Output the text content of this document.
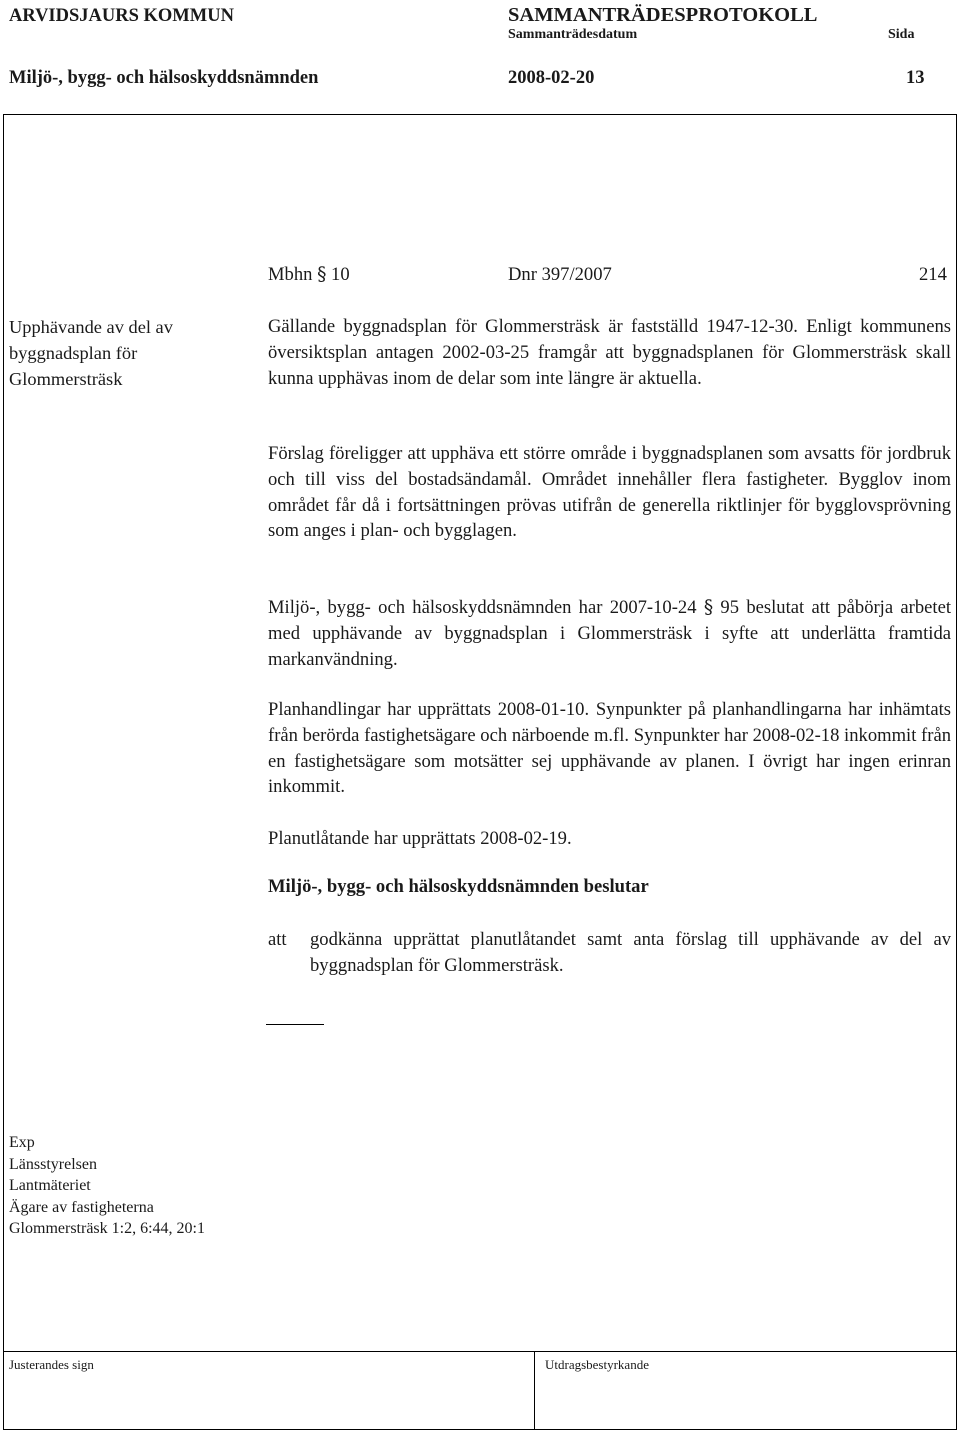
ARVIDSJAURS KOMMUN	SAMMANTRÄDESPROTOKOLL
Sammanträdesdatum	Sida
Miljö-, bygg- och hälsoskyddsnämnden	2008-02-20	13
Mbhn § 10	Dnr 397/2007	214
Upphävande av del av
byggnadsplan för
Glommersträsk

Gällande byggnadsplan för Glommersträsk är fastställd 1947-12-30. Enligt kommunens översiktsplan antagen 2002-03-25 framgår att byggnadsplanen för Glommersträsk skall kunna upphävas inom de delar som inte längre är aktuella.

Förslag föreligger att upphäva ett större område i byggnadsplanen som avsatts för jordbruk och till viss del bostadsändamål. Området innehåller flera fastigheter. Bygglov inom området får då i fortsättningen prövas utifrån de generella riktlinjer för bygglovsprövning som anges i plan- och bygglagen.

Miljö-, bygg- och hälsoskyddsnämnden har 2007-10-24 § 95 beslutat att påbörja arbetet med upphävande av byggnadsplan i Glommersträsk i syfte att underlätta framtida markanvändning.

Planhandlingar har upprättats 2008-01-10. Synpunkter på planhandlingarna har inhämtats från berörda fastighetsägare och närboende m.fl. Synpunkter har 2008-02-18 inkommit från en fastighetsägare som motsätter sej upphävande av planen. I övrigt har ingen erinran inkommit.

Planutlåtande har upprättats 2008-02-19.

Miljö-, bygg- och hälsoskyddsnämnden beslutar
att godkänna upprättat planutlåtandet samt anta förslag till upphävande av del av byggnadsplan för Glommersträsk.
Exp
Länsstyrelsen
Lantmäteriet
Ägare av fastigheterna
Glommersträsk 1:2, 6:44, 20:1
Justerandes sign	Utdragsbestyrkande
